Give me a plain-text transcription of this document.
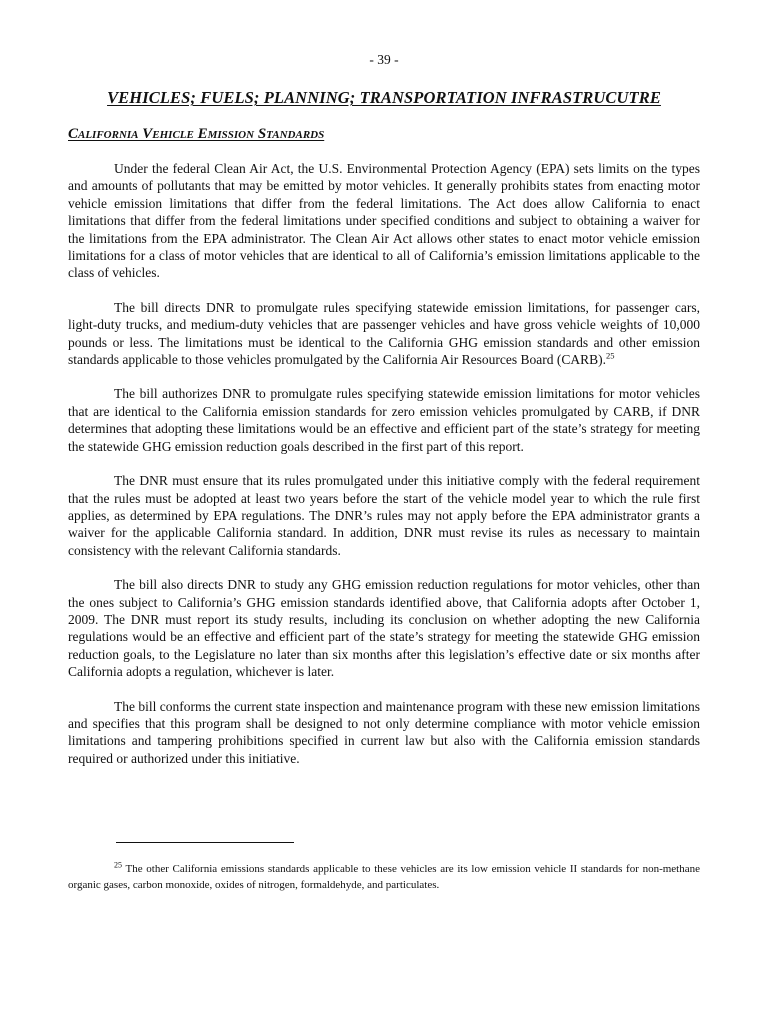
- 39 -
VEHICLES; FUELS; PLANNING; TRANSPORTATION INFRASTRUCUTRE
California Vehicle Emission Standards

Under the federal Clean Air Act, the U.S. Environmental Protection Agency (EPA) sets limits on the types and amounts of pollutants that may be emitted by motor vehicles. It generally prohibits states from enacting motor vehicle emission limitations that differ from the federal limitations. The Act does allow California to enact limitations that differ from the federal limitations under specified conditions and subject to obtaining a waiver for the limitations from the EPA administrator. The Clean Air Act allows other states to enact motor vehicle emission limitations for a class of motor vehicles that are identical to all of California’s emission limitations applicable to the class of vehicles.

The bill directs DNR to promulgate rules specifying statewide emission limitations, for passenger cars, light-duty trucks, and medium-duty vehicles that are passenger vehicles and have gross vehicle weights of 10,000 pounds or less. The limitations must be identical to the California GHG emission standards and other emission standards applicable to those vehicles promulgated by the California Air Resources Board (CARB).$^{25}$

The bill authorizes DNR to promulgate rules specifying statewide emission limitations for motor vehicles that are identical to the California emission standards for zero emission vehicles promulgated by CARB, if DNR determines that adopting these limitations would be an effective and efficient part of the state’s strategy for meeting the statewide GHG emission reduction goals described in the first part of this report.

The DNR must ensure that its rules promulgated under this initiative comply with the federal requirement that the rules must be adopted at least two years before the start of the vehicle model year to which the rule first applies, as determined by EPA regulations. The DNR’s rules may not apply before the EPA administrator grants a waiver for the applicable California standard. In addition, DNR must revise its rules as necessary to maintain consistency with the relevant California standards.

The bill also directs DNR to study any GHG emission reduction regulations for motor vehicles, other than the ones subject to California’s GHG emission standards identified above, that California adopts after October 1, 2009. The DNR must report its study results, including its conclusion on whether adopting the new California regulations would be an effective and efficient part of the state’s strategy for meeting the statewide GHG emission reduction goals, to the Legislature no later than six months after this legislation’s effective date or six months after California adopts a regulation, whichever is later.

The bill conforms the current state inspection and maintenance program with these new emission limitations and specifies that this program shall be designed to not only determine compliance with motor vehicle emission limitations and tampering prohibitions specified in current law but also with the California emission standards required or authorized under this initiative.

$^{25}$ The other California emissions standards applicable to these vehicles are its low emission vehicle II standards for non-methane organic gases, carbon monoxide, oxides of nitrogen, formaldehyde, and particulates.
